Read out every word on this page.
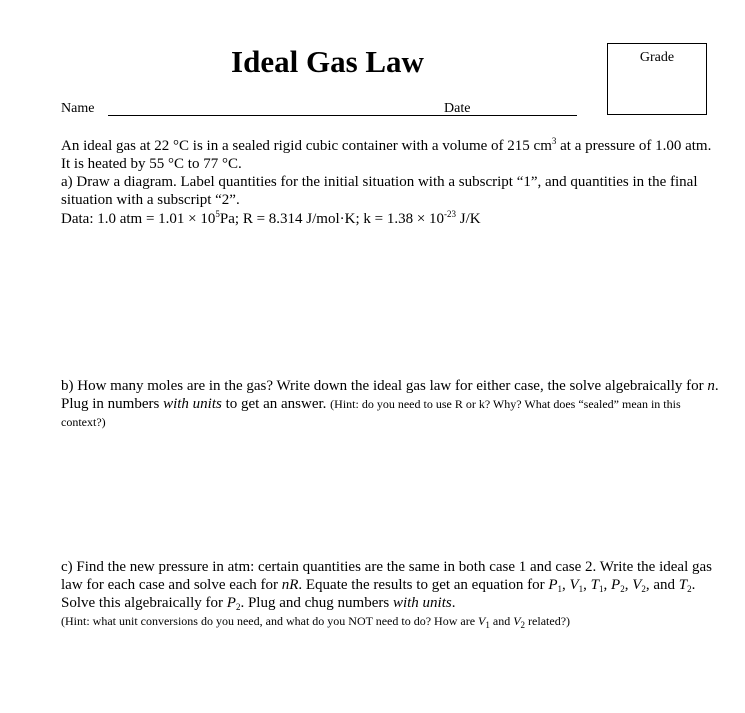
Ideal Gas Law	Grade
Name	Date

An ideal gas at 22 °C is in a sealed rigid cubic container with a volume of 215 $cm^3$ at a pressure of 1.00 atm. It is heated by 55 °C to 77 °C.

a) Draw a diagram. Label quantities for the initial situation with a subscript “1”, and quantities in the final situation with a subscript “2”.

Data: 1.0 atm = $1.01 \times 10^5Pa$; R = 8.314 J/mol·K; $k = 1.38 \times 10^{-23}$ J/K

b) How many moles are in the gas? Write down the ideal gas law for either case, the solve algebraically for n. Plug in numbers with units to get an answer. (Hint: do you need to use R or k? Why? What does “sealed” mean in this context?)

c) Find the new pressure in atm: certain quantities are the same in both case 1 and case 2. Write the ideal gas law for each case and solve each for nR. Equate the results to get an equation for $P_1$, $V_1$, $T_1$, $P_2$, $V_2$, and $T_2$. Solve this algebraically for $P_2$. Plug and chug numbers with units.
(Hint: what unit conversions do you need, and what do you NOT need to do? How are $V_1$ and $V_2$ related?)
